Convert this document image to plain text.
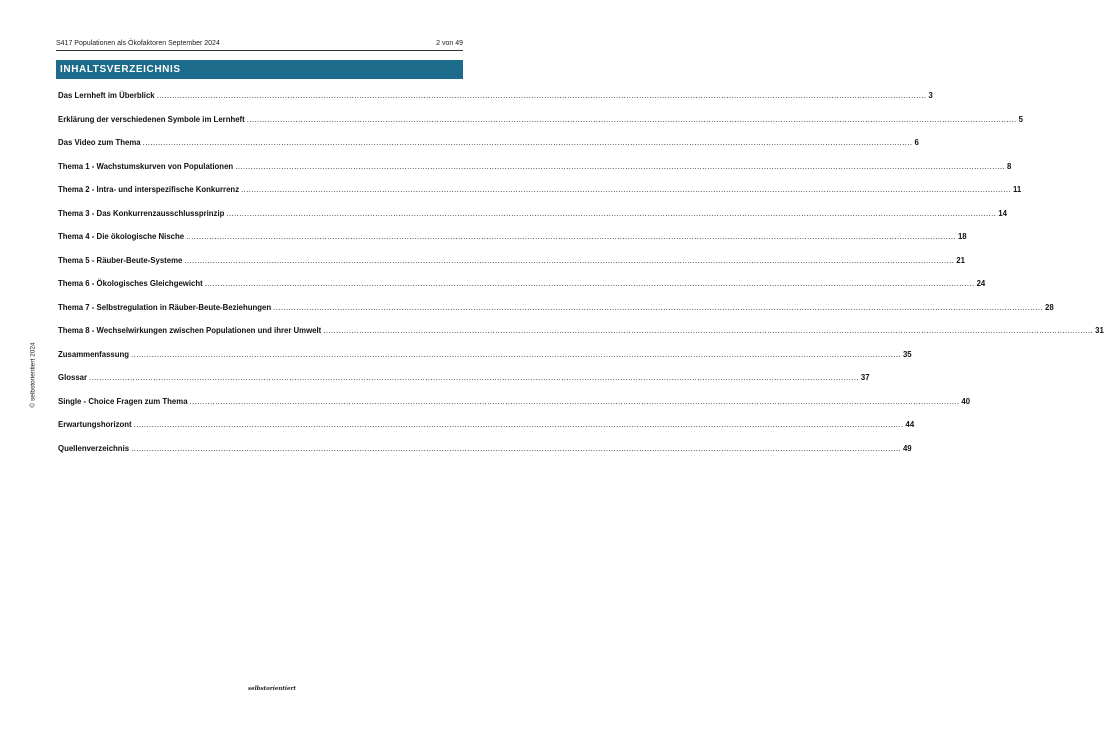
S417 Populationen als Ökofaktoren September 2024	2 von 49
INHALTSVERZEICHNIS
Das Lernheft im Überblick ............................................................................................................................................................................................................................................................................................................ 3
Erklärung der verschiedenen Symbole im Lernheft ............................................................................................................................................................................................................................................................................................................ 5
Das Video zum Thema ............................................................................................................................................................................................................................................................................................................ 6
Thema 1 - Wachstumskurven von Populationen ............................................................................................................................................................................................................................................................................................................ 8
Thema 2 - Intra- und interspezifische Konkurrenz ............................................................................................................................................................................................................................................................................................................ 11
Thema 3 - Das Konkurrenzausschlussprinzip ............................................................................................................................................................................................................................................................................................................ 14
Thema 4 - Die ökologische Nische ............................................................................................................................................................................................................................................................................................................ 18
Thema 5 - Räuber-Beute-Systeme ............................................................................................................................................................................................................................................................................................................ 21
Thema 6 - Ökologisches Gleichgewicht ............................................................................................................................................................................................................................................................................................................ 24
Thema 7 - Selbstregulation in Räuber-Beute-Beziehungen ............................................................................................................................................................................................................................................................................................................ 28
Thema 8 - Wechselwirkungen zwischen Populationen und ihrer Umwelt ............................................................................................................................................................................................................................................................................................................ 31
Zusammenfassung ............................................................................................................................................................................................................................................................................................................ 35
Glossar ............................................................................................................................................................................................................................................................................................................ 37
Single - Choice Fragen zum Thema ............................................................................................................................................................................................................................................................................................................ 40
Erwartungshorizont ............................................................................................................................................................................................................................................................................................................ 44
Quellenverzeichnis ............................................................................................................................................................................................................................................................................................................ 49
© selbstorientiert 2024
selbstorientiert
